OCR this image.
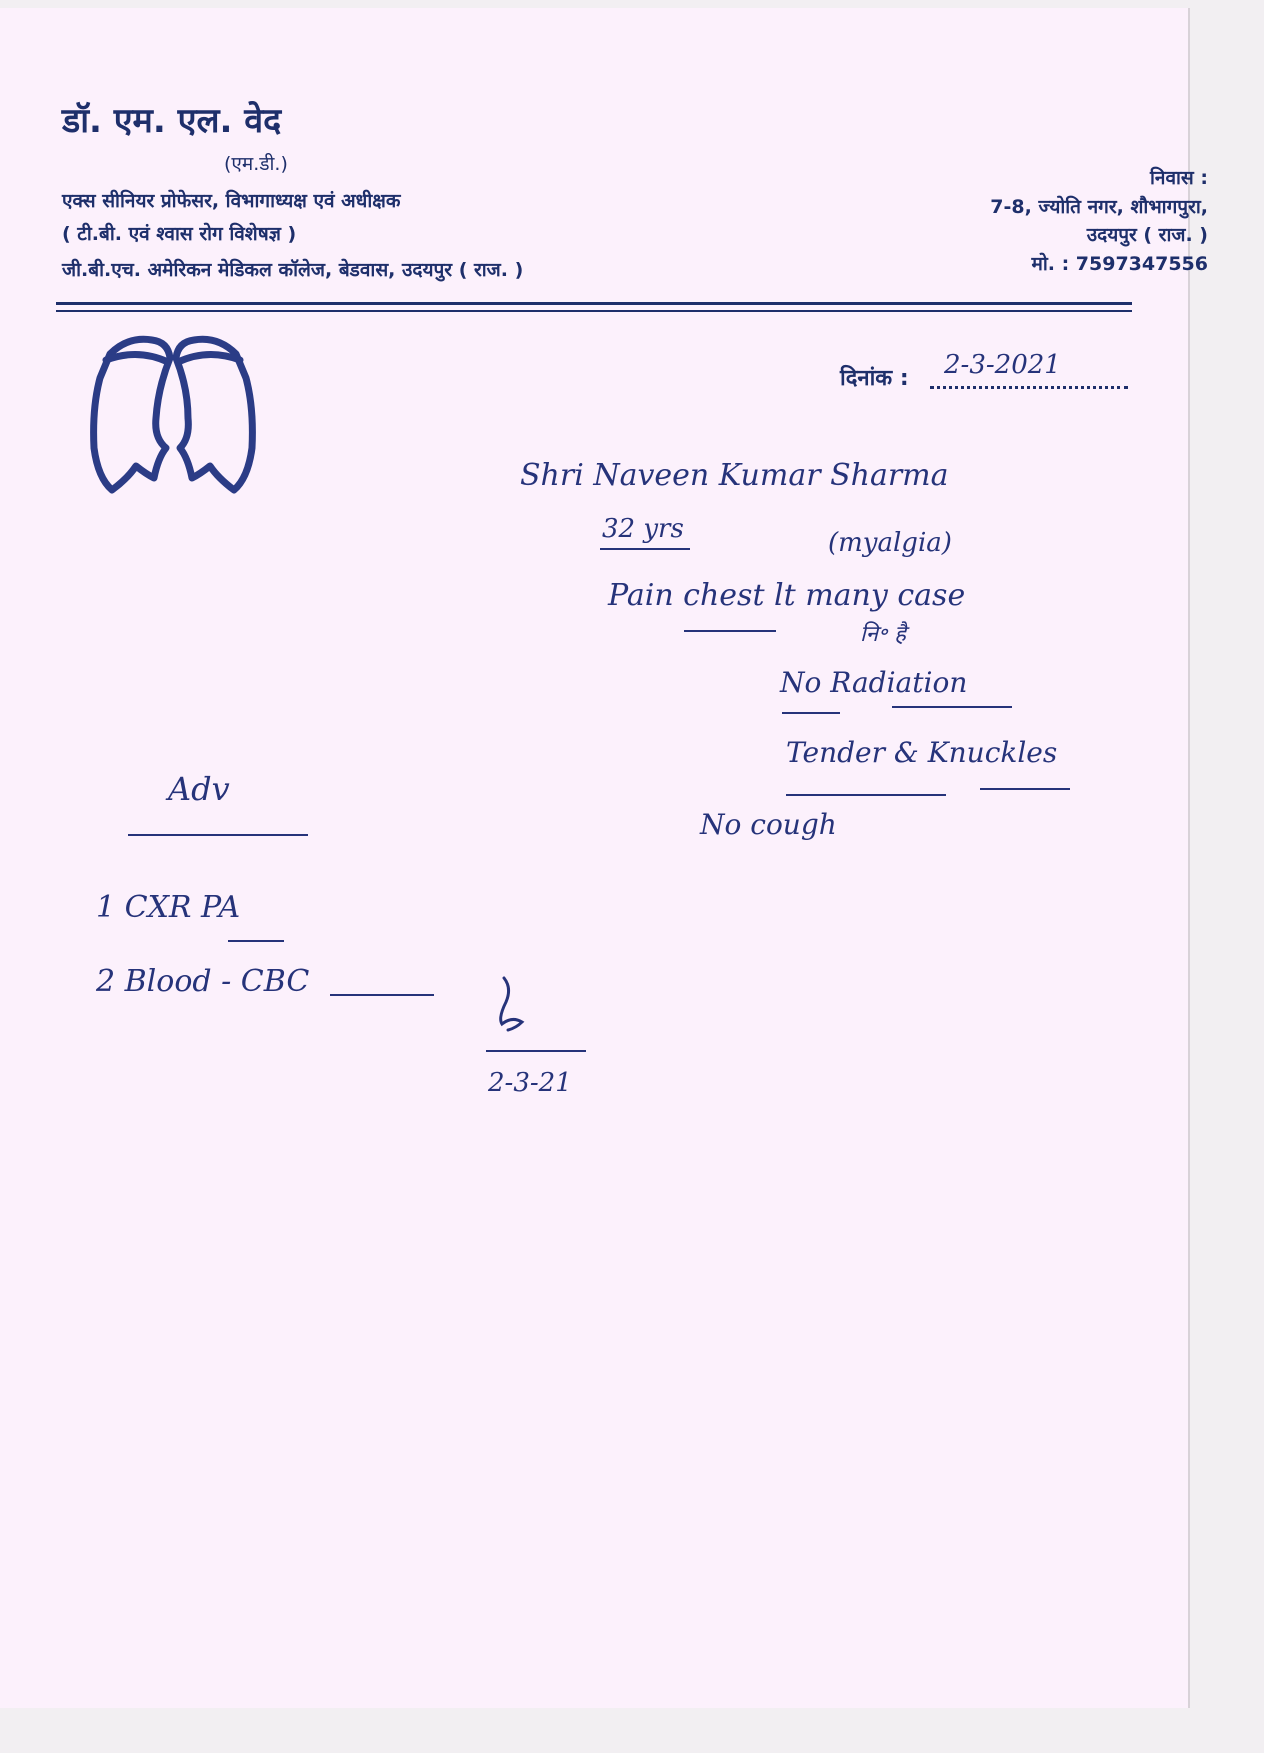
डॉ. एम. एल. वेद
(एम.डी.)
एक्स सीनियर प्रोफेसर, विभागाध्यक्ष एवं अधीक्षक
( टी.बी. एवं श्वास रोग विशेषज्ञ )
जी.बी.एच. अमेरिकन मेडिकल कॉलेज, बेडवास, उदयपुर ( राज. )
निवास :
7-8, ज्योति नगर, शौभागपुरा,
उदयपुर ( राज. )
मो. : 7597347556
दिनांक : 2-3-2021
Shri Naveen Kumar Sharma
32 yrs	(myalgia)
Pain chest lt many case
नि॰ है
No Radiation
Tender & Knuckles
No cough
Adv
1 CXR PA
2 Blood - CBC
2-3-21
